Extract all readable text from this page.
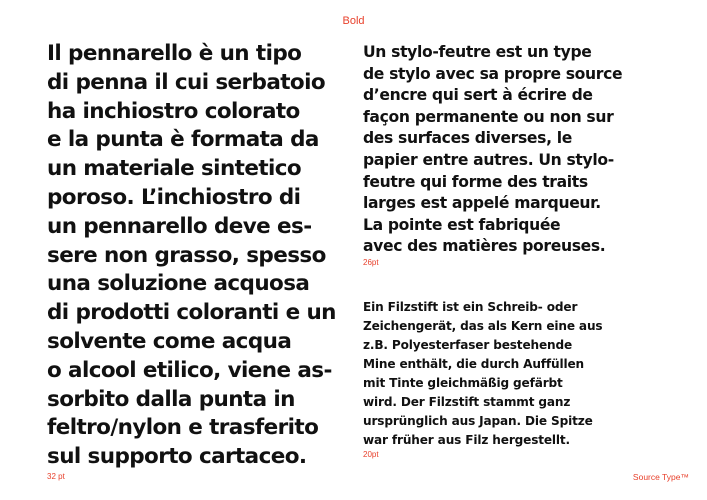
Bold
Il pennarello è un tipo
di penna il cui serbatoio
ha inchiostro colorato
e la punta è formata da
un materiale sintetico
poroso. L’inchiostro di
un pennarello deve es-
sere non grasso, spesso
una soluzione acquosa
di prodotti coloranti e un
solvente come acqua
o alcool etilico, viene as-
sorbito dalla punta in
feltro/nylon e trasferito
sul supporto cartaceo.
32 pt
Un stylo-feutre est un type
de stylo avec sa propre source
d’encre qui sert à écrire de
façon permanente ou non sur
des surfaces diverses, le
papier entre autres. Un stylo-
feutre qui forme des traits
larges est appelé marqueur.
La pointe est fabriquée
avec des matières poreuses.
26pt
Ein Filzstift ist ein Schreib- oder
Zeichengerät, das als Kern eine aus
z.B. Polyesterfaser bestehende
Mine enthält, die durch Auffüllen
mit Tinte gleichmäßig gefärbt
wird. Der Filzstift stammt ganz
ursprünglich aus Japan. Die Spitze
war früher aus Filz hergestellt.
20pt
Source Type™
